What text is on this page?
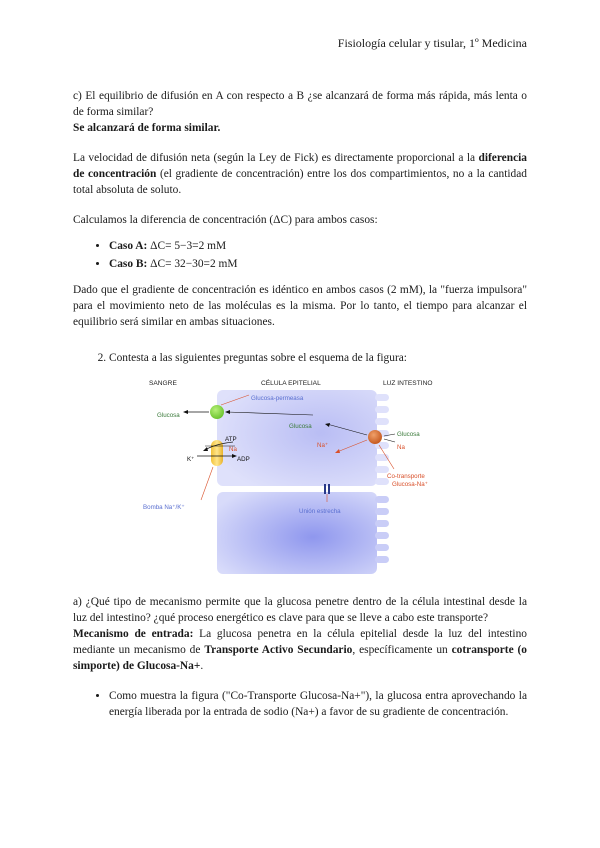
Fisiología celular y tisular, 1º Medicina

c) El equilibrio de difusión en A con respecto a B ¿se alcanzará de forma más rápida, más lenta o de forma similar?

Se alcanzará de forma similar.

La velocidad de difusión neta (según la Ley de Fick) es directamente proporcional a la diferencia de concentración (el gradiente de concentración) entre los dos compartimientos, no a la cantidad total absoluta de soluto.

Calculamos la diferencia de concentración (ΔC) para ambos casos:

• Caso A: ΔC= 5−3=2 mM
• Caso B: ΔC= 32−30=2 mM

Dado que el gradiente de concentración es idéntico en ambos casos (2 mM), la "fuerza impulsora" para el movimiento neto de las moléculas es la misma. Por lo tanto, el tiempo para alcanzar el equilibrio será similar en ambas situaciones.

2. Contesta a las siguientes preguntas sobre el esquema de la figura:
SANGRE	CÉLULA EPITELIAL	LUZ INTESTINO
Glucosa-permeasa
Glucosa
Glucosa
Na⁺
Glucosa
Na
ATP
Na
ADP
K⁺
Co-transporte
Glucosa-Na⁺
Bomba Na⁺/K⁺
Unión estrecha

a) ¿Qué tipo de mecanismo permite que la glucosa penetre dentro de la célula intestinal desde la luz del intestino? ¿qué proceso energético es clave para que se lleve a cabo este transporte?

Mecanismo de entrada: La glucosa penetra en la célula epitelial desde la luz del intestino mediante un mecanismo de Transporte Activo Secundario, específicamente un cotransporte (o simporte) de Glucosa-Na+.

• Como muestra la figura ("Co-Transporte Glucosa-Na+"), la glucosa entra aprovechando la energía liberada por la entrada de sodio (Na+) a favor de su gradiente de concentración.
